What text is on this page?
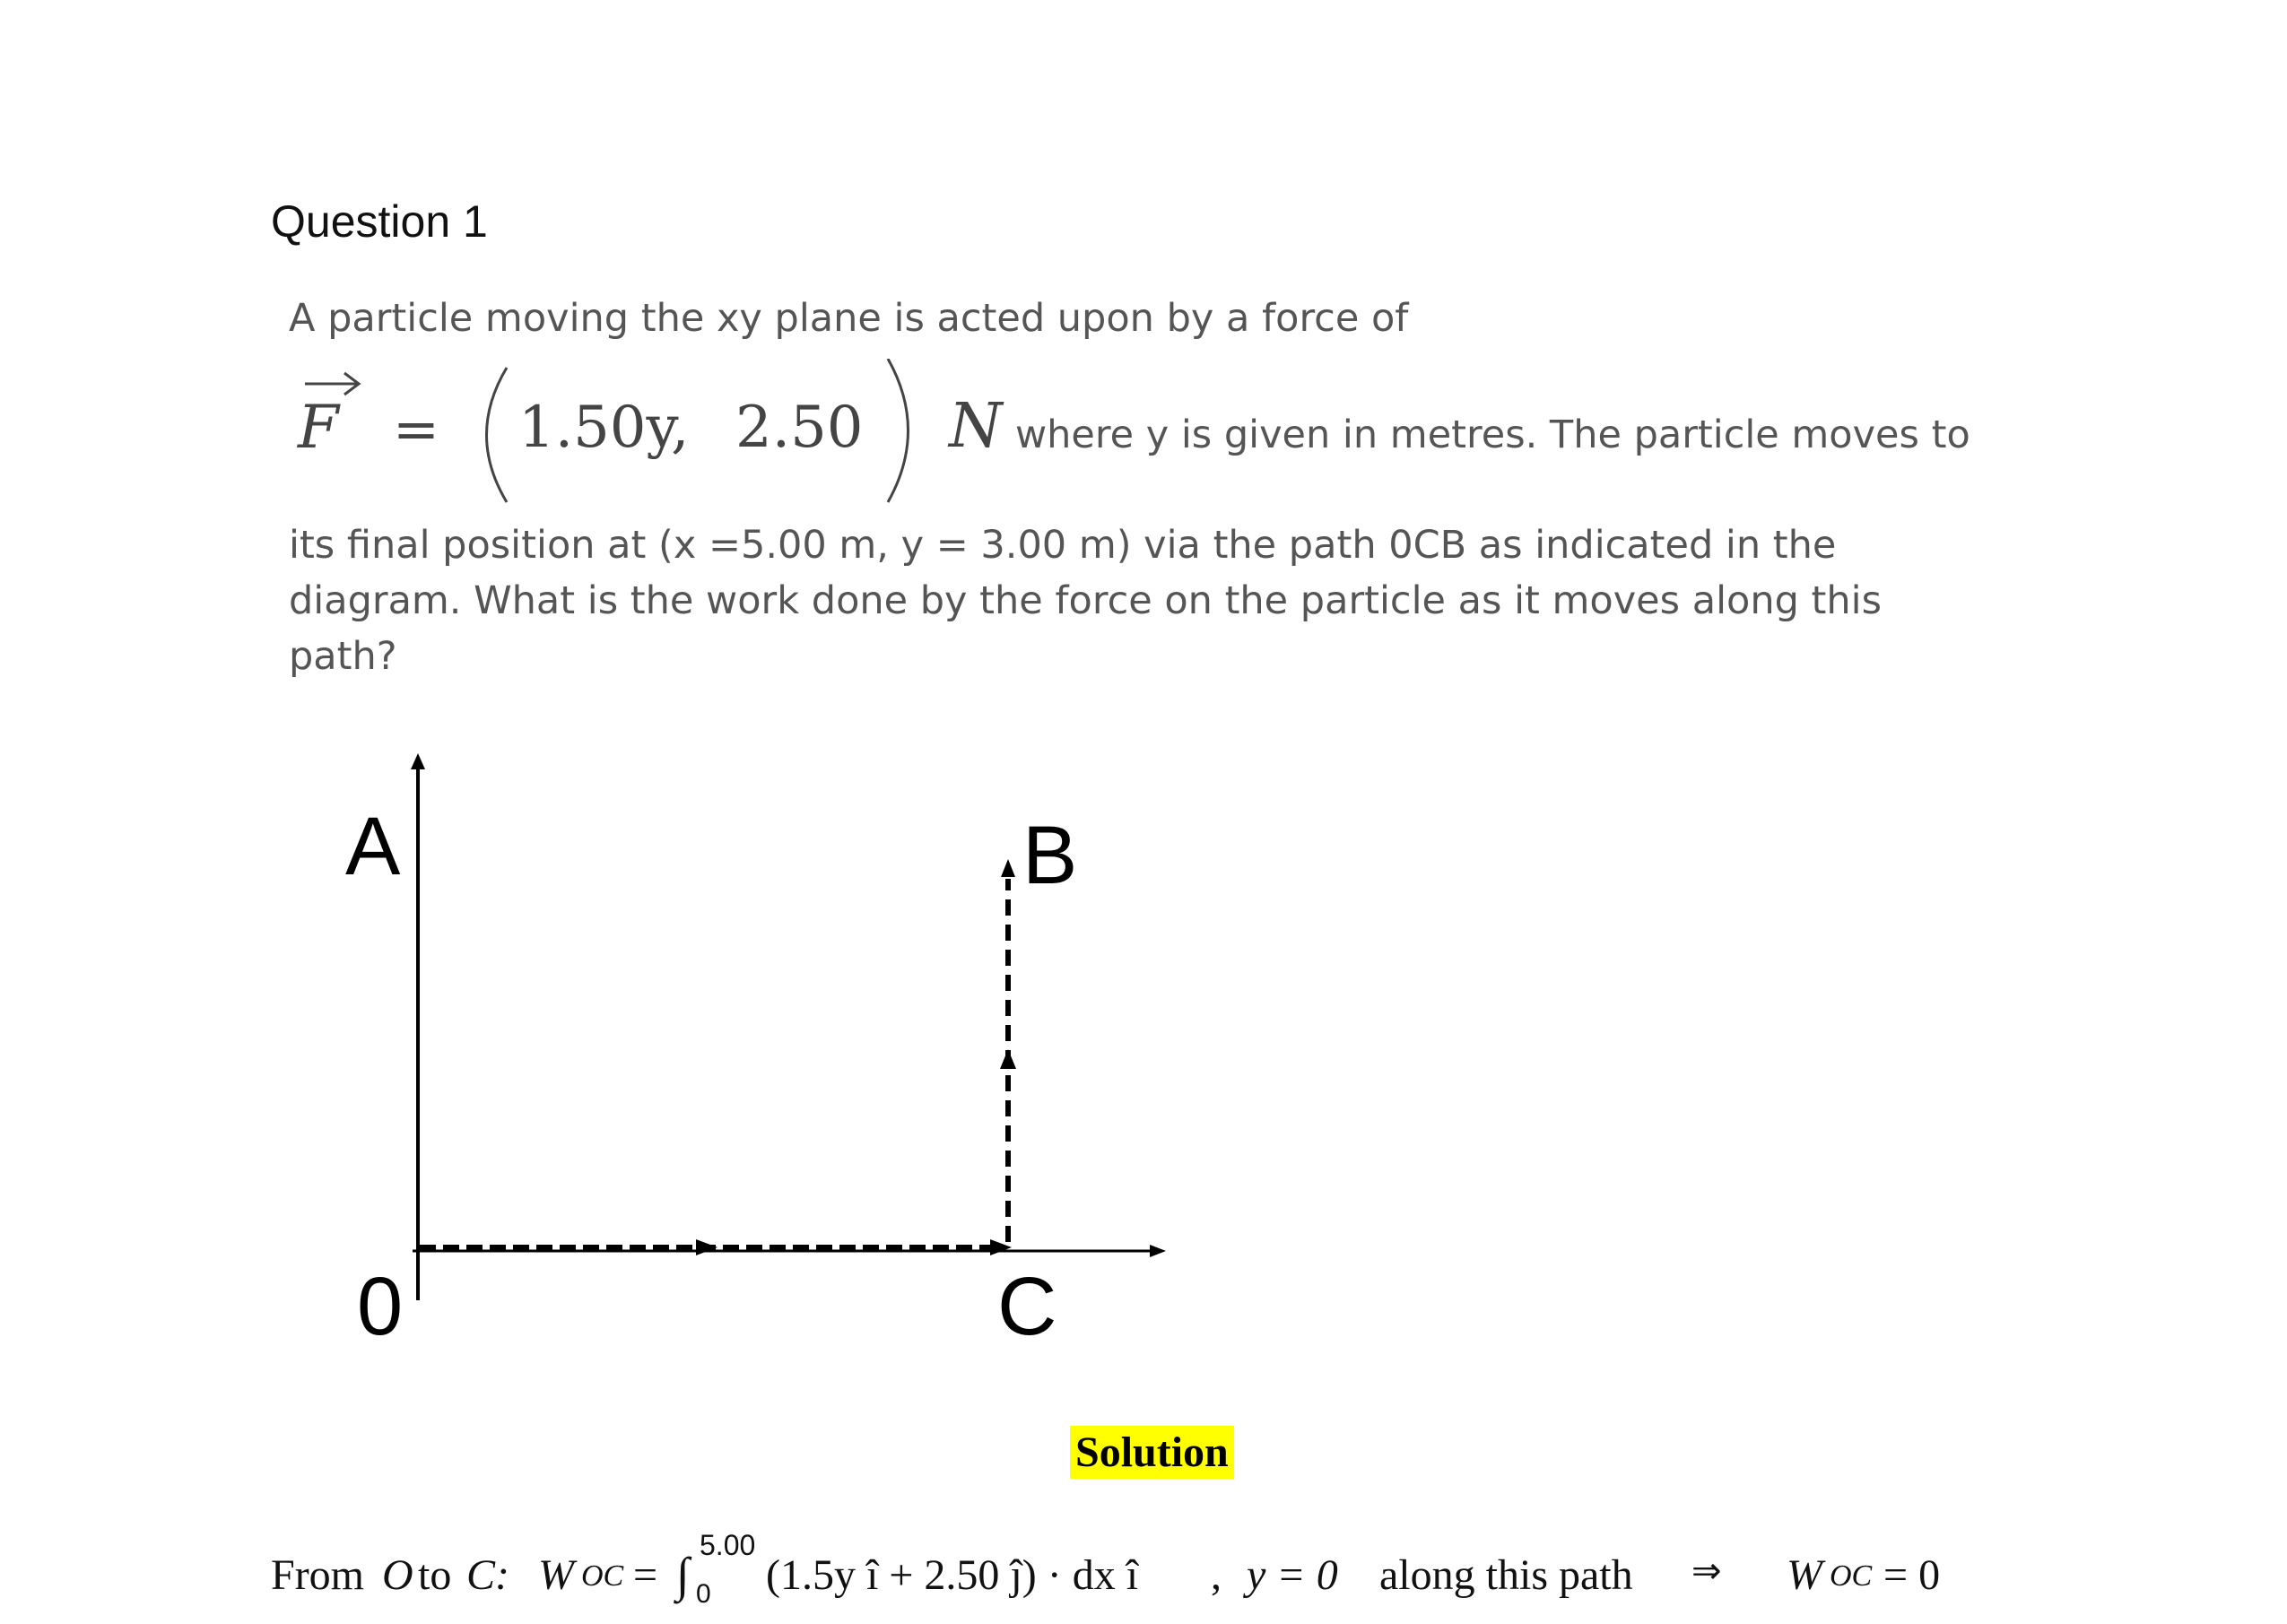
Question 1
A particle moving the xy plane is acted upon by a force of
F = 1.50y, 2.50 N where y is given in metres. The particle moves to
its final position at (x =5.00 m, y = 3.00 m) via the path 0CB as indicated in the
diagram. What is the work done by the force on the particle as it moves along this
path?
A	B
0	C
Solution
From O to C: W OC = ∫
5.00
0 (1.5y î + 2.50 ĵ) · dx î , y = 0 along this path ⇒ W OC = 0
